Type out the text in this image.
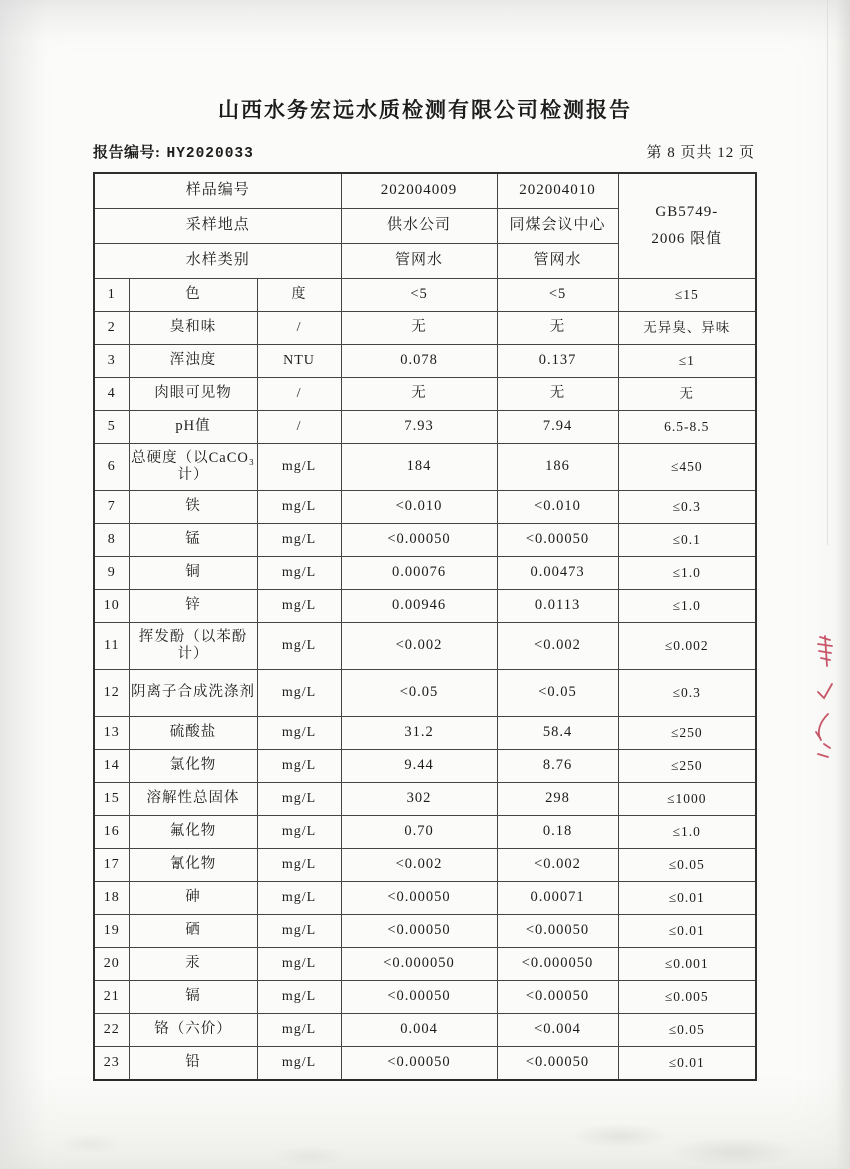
山西水务宏远水质检测有限公司检测报告
报告编号: HY2020033	第 8 页共 12 页
样品编号			202004009	202004010	GB5749-
2006 限值

采样地点			供水公司	同煤会议中心	
水样类别			管网水	管网水	
1	色	度	<5	<5	≤15
2	臭和味	/	无	无	无异臭、异味
3	浑浊度	NTU	0.078	0.137	≤1
4	肉眼可见物	/	无	无	无
5	pH值	/	7.93	7.94	6.5-8.5
6	总硬度（以CaCO₃计）	mg/L	184	186	≤450
7	铁	mg/L	<0.010	<0.010	≤0.3
8	锰	mg/L	<0.00050	<0.00050	≤0.1
9	铜	mg/L	0.00076	0.00473	≤1.0
10	锌	mg/L	0.00946	0.0113	≤1.0
11	挥发酚（以苯酚计）	mg/L	<0.002	<0.002	≤0.002
12	阴离子合成洗涤剂	mg/L	<0.05	<0.05	≤0.3
13	硫酸盐	mg/L	31.2	58.4	≤250
14	氯化物	mg/L	9.44	8.76	≤250
15	溶解性总固体	mg/L	302	298	≤1000
16	氟化物	mg/L	0.70	0.18	≤1.0
17	氰化物	mg/L	<0.002	<0.002	≤0.05
18	砷	mg/L	<0.00050	0.00071	≤0.01
19	硒	mg/L	<0.00050	<0.00050	≤0.01
20	汞	mg/L	<0.000050	<0.000050	≤0.001
21	镉	mg/L	<0.00050	<0.00050	≤0.005
22	铬（六价）	mg/L	0.004	<0.004	≤0.05
23	铅	mg/L	<0.00050	<0.00050	≤0.01
